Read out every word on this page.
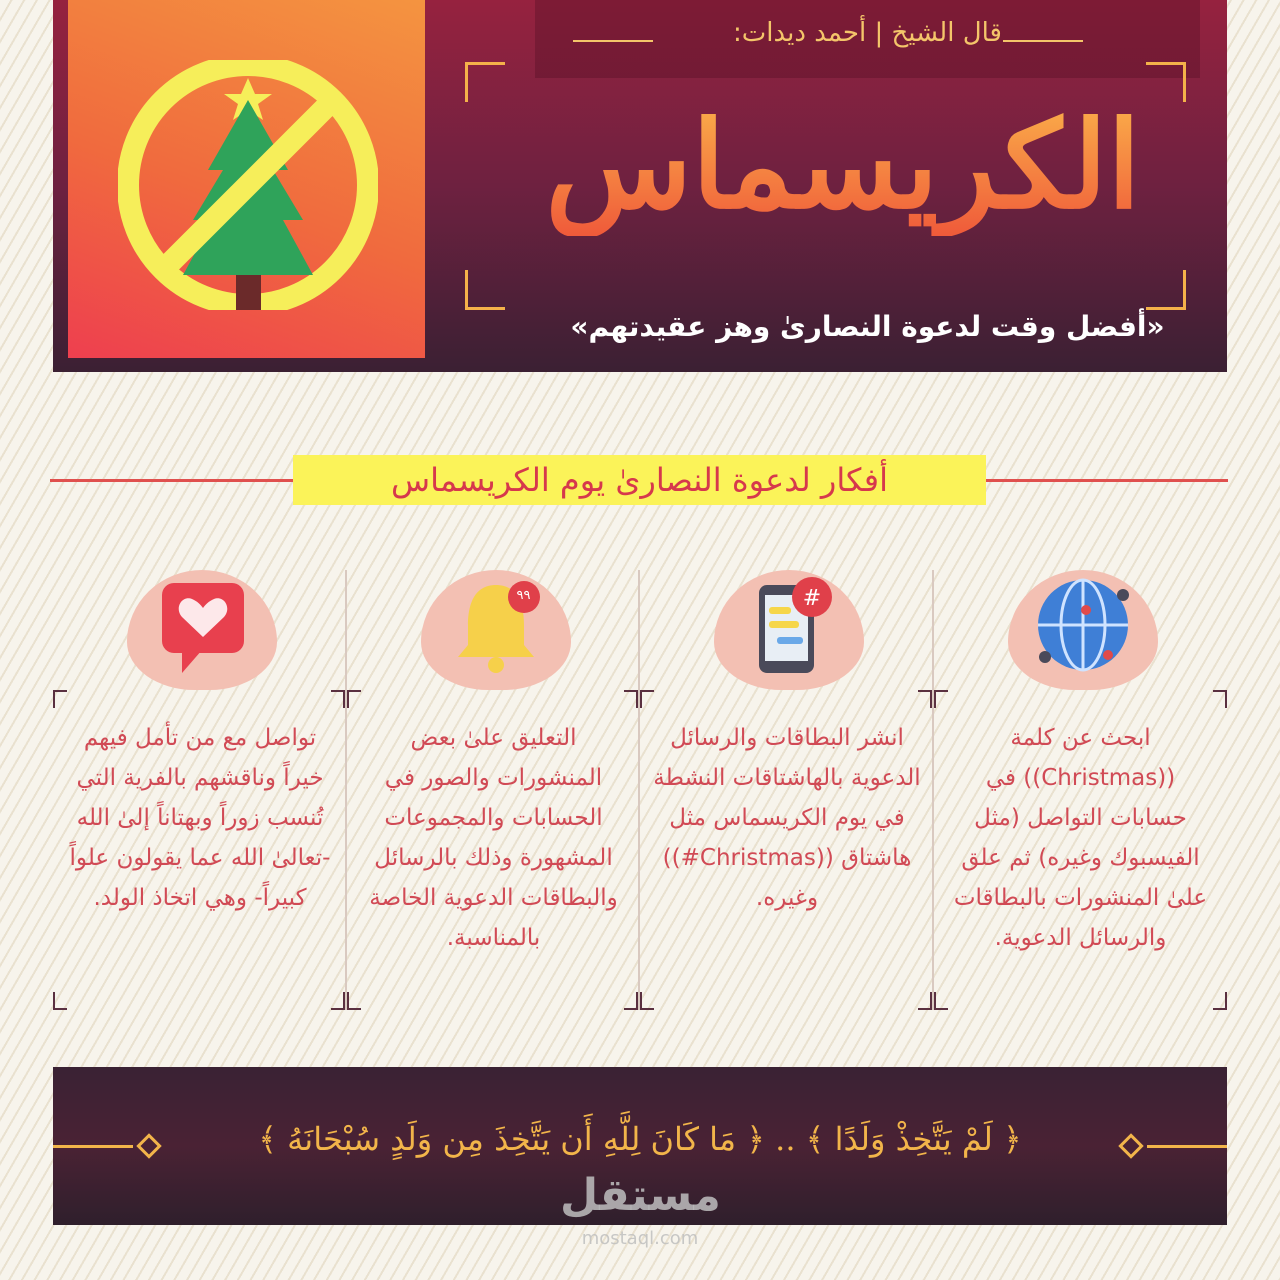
قال الشيخ | أحمد ديدات:
الكريسماس
«أفضل وقت لدعوة النصارىٰ وهز عقيدتهم»
أفكار لدعوة النصارىٰ يوم الكريسماس
ابحث عن كلمة ((Christmas)) في حسابات التواصل (مثل الفيسبوك وغيره) ثم علق علىٰ المنشورات بالبطاقات والرسائل الدعوية.
#
انشر البطاقات والرسائل الدعوية بالهاشتاقات النشطة في يوم الكريسماس مثل هاشتاق ((Christmas#)) وغيره.
٩٩
التعليق علىٰ بعض المنشورات والصور في الحسابات والمجموعات المشهورة وذلك بالرسائل والبطاقات الدعوية الخاصة بالمناسبة.
تواصل مع من تأمل فيهم خيراً وناقشهم بالفرية التي تُنسب زوراً وبهتاناً إلىٰ الله -تعالىٰ الله عما يقولون علواً كبيراً- وهي اتخاذ الولد.
﴿ لَمْ يَتَّخِذْ وَلَدًا ﴾ .. ﴿ مَا كَانَ لِلَّهِ أَن يَتَّخِذَ مِن وَلَدٍ سُبْحَانَهُ ﴾
مستقل
mostaql.com
